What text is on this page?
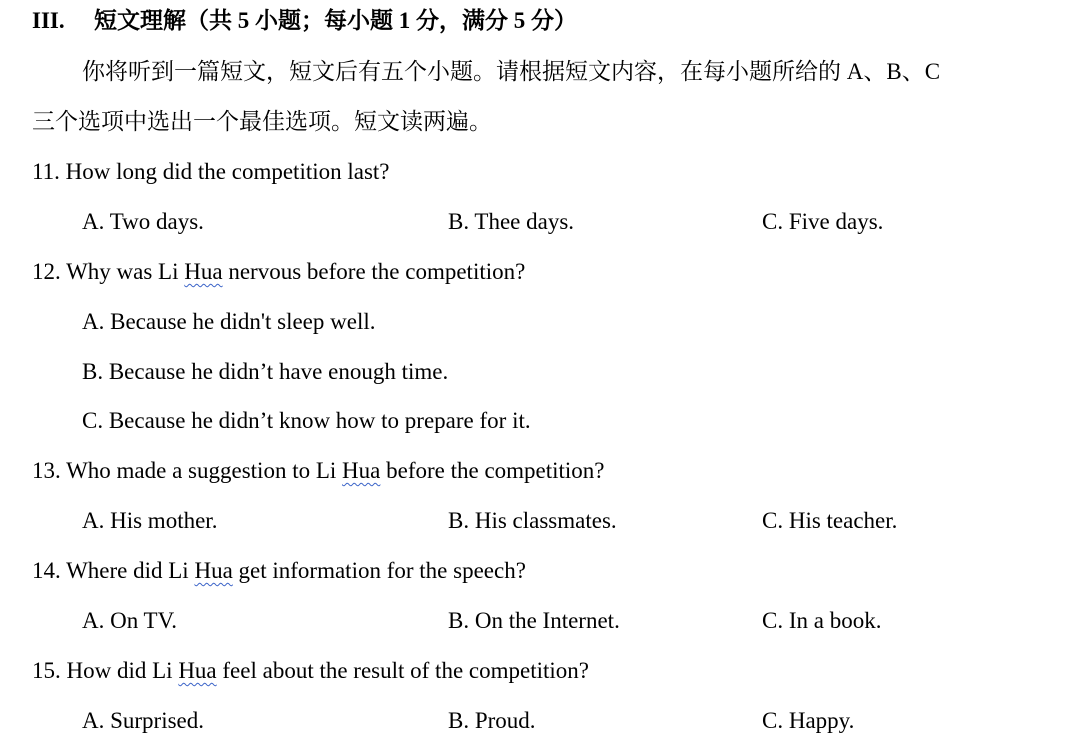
III. 短文理解（共 5 小题；每小题 1 分，满分 5 分）
你将听到一篇短文，短文后有五个小题。请根据短文内容，在每小题所给的 A、B、C
三个选项中选出一个最佳选项。短文读两遍。
11. How long did the competition last?
A. Two days.	B. Thee days.	C. Five days.
12. Why was Li Hua nervous before the competition?
A. Because he didn't sleep well.
B. Because he didn’t have enough time.
C. Because he didn’t know how to prepare for it.
13. Who made a suggestion to Li Hua before the competition?
A. His mother.	B. His classmates.	C. His teacher.
14. Where did Li Hua get information for the speech?
A. On TV.	B. On the Internet.	C. In a book.
15. How did Li Hua feel about the result of the competition?
A. Surprised.	B. Proud.	C. Happy.
